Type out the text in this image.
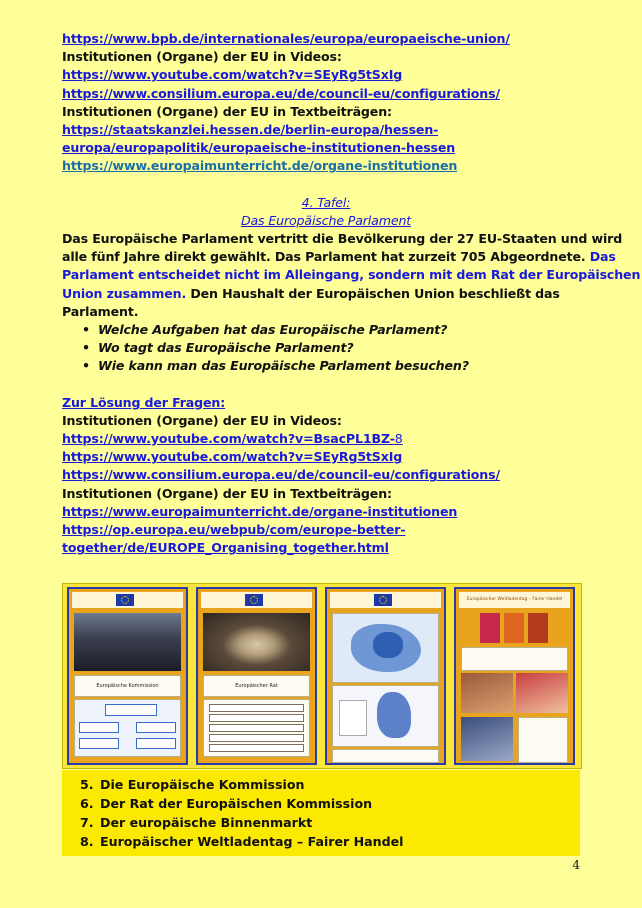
https://www.bpb.de/internationales/europa/europaeische-union/
Institutionen (Organe) der EU in Videos:
https://www.youtube.com/watch?v=SEyRg5tSxIg
https://www.consilium.europa.eu/de/council-eu/configurations/
Institutionen (Organe) der EU in Textbeiträgen:
https://staatskanzlei.hessen.de/berlin-europa/hessen-
europa/europapolitik/europaeische-institutionen-hessen
https://www.europaimunterricht.de/organe-institutionen
4. Tafel:
Das Europäische Parlament
Das Europäische Parlament vertritt die Bevölkerung der 27 EU-Staaten und wird
alle fünf Jahre direkt gewählt. Das Parlament hat zurzeit 705 Abgeordnete. Das
Parlament entscheidet nicht im Alleingang, sondern mit dem Rat der Europäischen
Union zusammen. Den Haushalt der Europäischen Union beschließt das
Parlament.
• Welche Aufgaben hat das Europäische Parlament?
• Wo tagt das Europäische Parlament?
• Wie kann man das Europäische Parlament besuchen?
Zur Lösung der Fragen:
Institutionen (Organe) der EU in Videos:
https://www.youtube.com/watch?v=BsacPL1BZ-8
https://www.youtube.com/watch?v=SEyRg5tSxIg
https://www.consilium.europa.eu/de/council-eu/configurations/
Institutionen (Organe) der EU in Textbeiträgen:
https://www.europaimunterricht.de/organe-institutionen
https://op.europa.eu/webpub/com/europe-better-
together/de/EUROPE_Organising_together.html
Europäische Kommission	Europäischer Rat
Europäischer Weltladentag – Fairer Handel
5. Die Europäische Kommission
6. Der Rat der Europäischen Kommission
7. Der europäische Binnenmarkt
8. Europäischer Weltladentag – Fairer Handel
4
